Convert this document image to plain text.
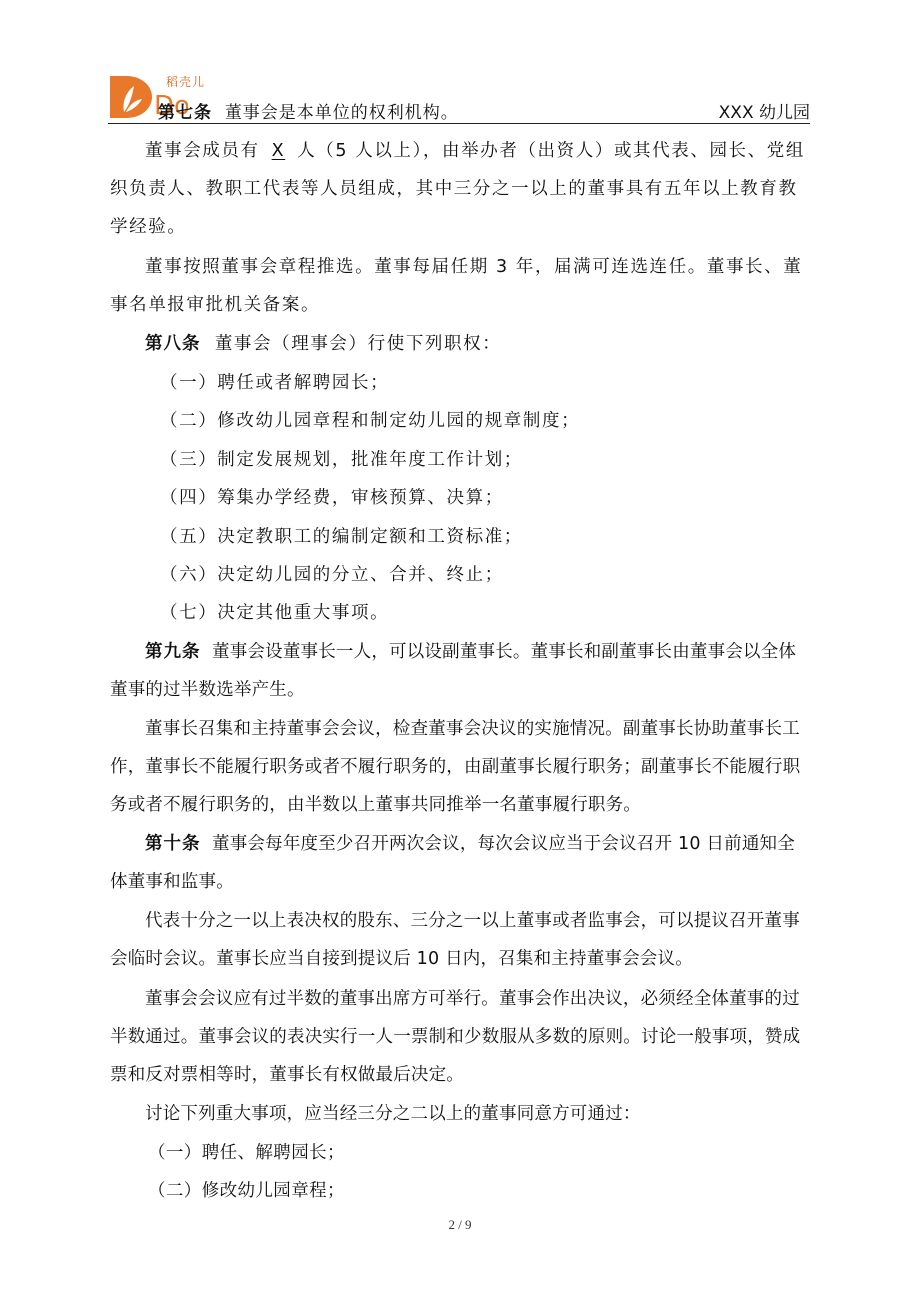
Do
稻壳儿
第七条 董事会是本单位的权利机构。	XXX 幼儿园

董事会成员有 X 人（5 人以上），由举办者（出资人）或其代表、园长、党组织负责人、教职工代表等人员组成，其中三分之一以上的董事具有五年以上教育教学经验。

董事按照董事会章程推选。董事每届任期 3 年，届满可连选连任。董事长、董事名单报审批机关备案。

第八条 董事会（理事会）行使下列职权：

（一）聘任或者解聘园长；

（二）修改幼儿园章程和制定幼儿园的规章制度；

（三）制定发展规划，批准年度工作计划；

（四）筹集办学经费，审核预算、决算；

（五）决定教职工的编制定额和工资标准；

（六）决定幼儿园的分立、合并、终止；

（七）决定其他重大事项。

第九条 董事会设董事长一人，可以设副董事长。董事长和副董事长由董事会以全体董事的过半数选举产生。

董事长召集和主持董事会会议，检查董事会决议的实施情况。副董事长协助董事长工作，董事长不能履行职务或者不履行职务的，由副董事长履行职务；副董事长不能履行职务或者不履行职务的，由半数以上董事共同推举一名董事履行职务。

第十条 董事会每年度至少召开两次会议，每次会议应当于会议召开 10 日前通知全体董事和监事。

代表十分之一以上表决权的股东、三分之一以上董事或者监事会，可以提议召开董事会临时会议。董事长应当自接到提议后 10 日内，召集和主持董事会会议。

董事会会议应有过半数的董事出席方可举行。董事会作出决议，必须经全体董事的过半数通过。董事会议的表决实行一人一票制和少数服从多数的原则。讨论一般事项，赞成票和反对票相等时，董事长有权做最后决定。

讨论下列重大事项，应当经三分之二以上的董事同意方可通过：

（一）聘任、解聘园长；

（二）修改幼儿园章程；

2 / 9
